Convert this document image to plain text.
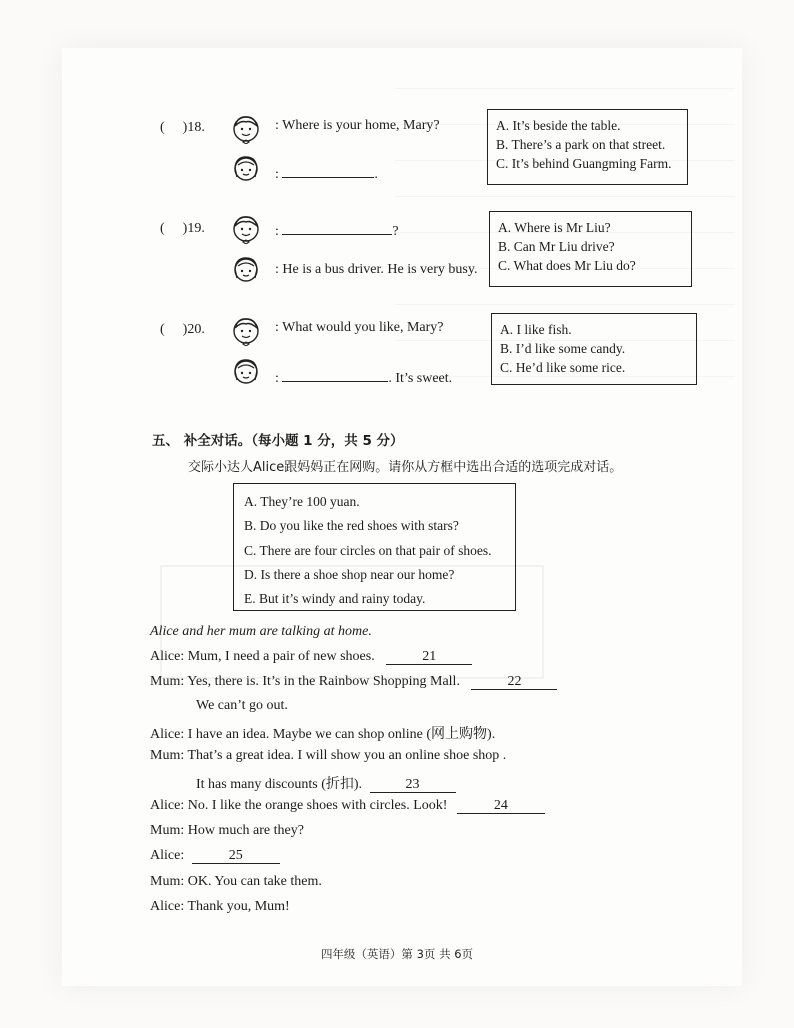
( )18.	: Where is your home, Mary?
:	.
A. It’s beside the table.
B. There’s a park on that street.
C. It’s behind Guangming Farm.
( )19.	:	?
: He is a bus driver. He is very busy.
A. Where is Mr Liu?
B. Can Mr Liu drive?
C. What does Mr Liu do?
( )20.	: What would you like, Mary?
:	. It’s sweet.
A. I like fish.
B. I’d like some candy.
C. He’d like some rice.
五、 补全对话。（每小题 1 分，共 5 分）
交际小达人Alice跟妈妈正在网购。请你从方框中选出合适的选项完成对话。
A. They’re 100 yuan.
B. Do you like the red shoes with stars?
C. There are four circles on that pair of shoes.
D. Is there a shoe shop near our home?
E. But it’s windy and rainy today.
Alice and her mum are talking at home.
Alice: Mum, I need a pair of new shoes.	21
Mum: Yes, there is. It’s in the Rainbow Shopping Mall.	22
We can’t go out.
Alice: I have an idea. Maybe we can shop online (网上购物).
Mum: That’s a great idea. I will show you an online shoe shop .
It has many discounts (折扣).	23
Alice: No. I like the orange shoes with circles. Look!	24
Mum: How much are they?
Alice:	25
Mum: OK. You can take them.
Alice: Thank you, Mum!
四年级（英语）第 3页 共 6页
